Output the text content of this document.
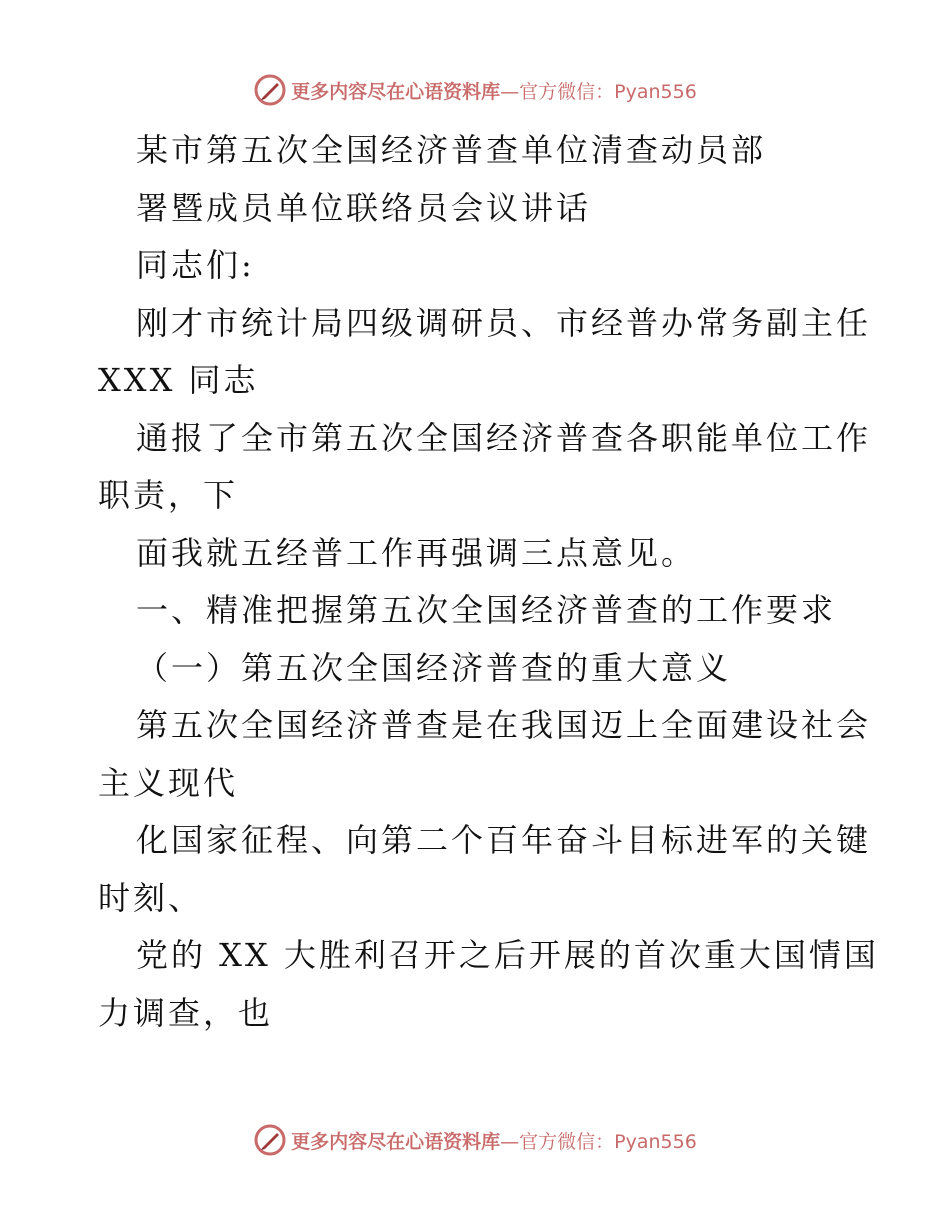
更多内容尽在心语资料库—官方微信：Pyan556
某市第五次全国经济普查单位清查动员部
署暨成员单位联络员会议讲话
同志们:
刚才市统计局四级调研员、市经普办常务副主任
XXX 同志
通报了全市第五次全国经济普查各职能单位工作
职责，下
面我就五经普工作再强调三点意见。
一、精准把握第五次全国经济普查的工作要求
（一）第五次全国经济普查的重大意义
第五次全国经济普查是在我国迈上全面建设社会
主义现代
化国家征程、向第二个百年奋斗目标进军的关键
时刻、
党的 XX 大胜利召开之后开展的首次重大国情国
力调查，也
更多内容尽在心语资料库—官方微信：Pyan556
